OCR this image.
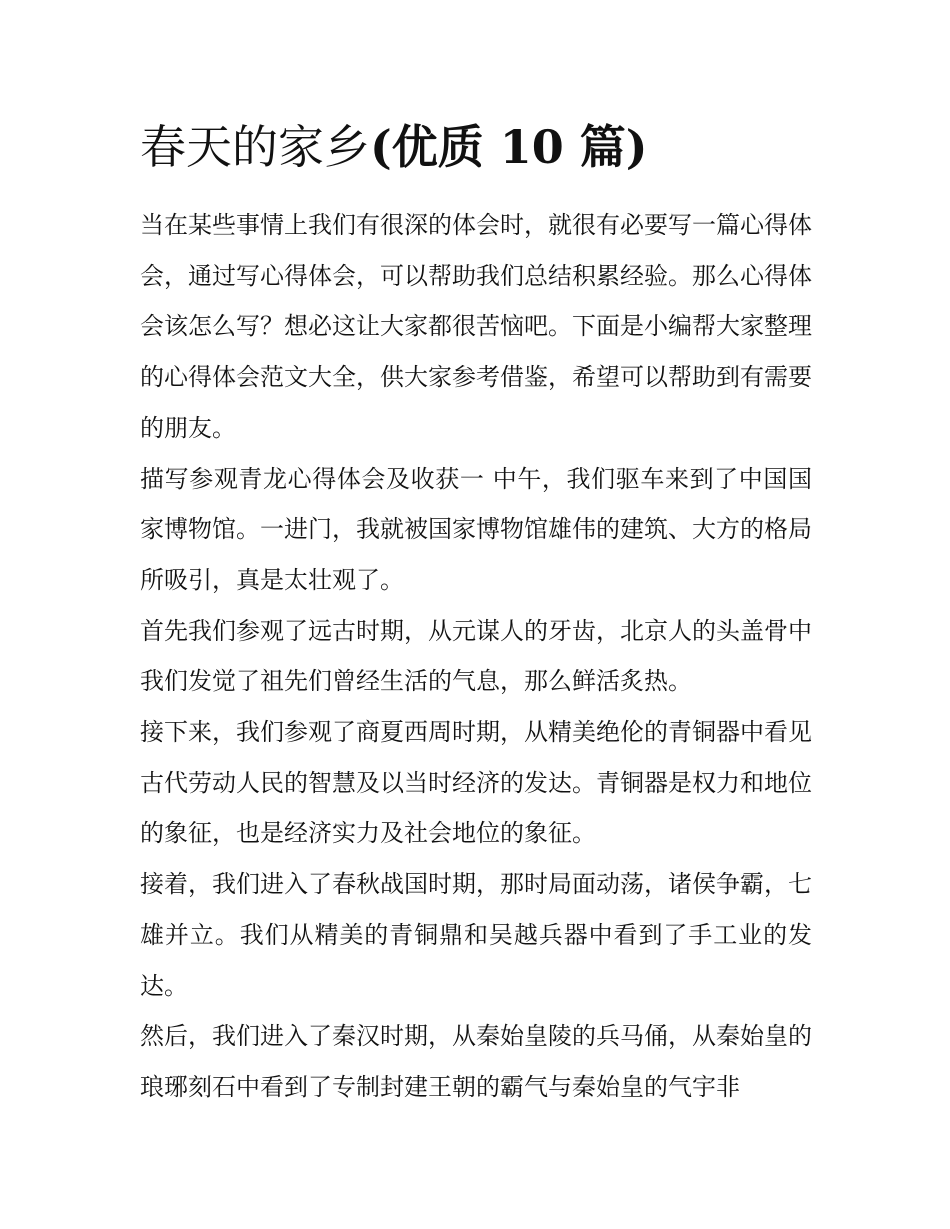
春天的家乡(优质 10 篇)

当在某些事情上我们有很深的体会时，就很有必要写一篇心得体会，通过写心得体会，可以帮助我们总结积累经验。那么心得体会该怎么写？想必这让大家都很苦恼吧。下面是小编帮大家整理的心得体会范文大全，供大家参考借鉴，希望可以帮助到有需要的朋友。

描写参观青龙心得体会及收获一 中午，我们驱车来到了中国国家博物馆。一进门，我就被国家博物馆雄伟的建筑、大方的格局所吸引，真是太壮观了。

首先我们参观了远古时期，从元谋人的牙齿，北京人的头盖骨中我们发觉了祖先们曾经生活的气息，那么鲜活炙热。

接下来，我们参观了商夏西周时期，从精美绝伦的青铜器中看见古代劳动人民的智慧及以当时经济的发达。青铜器是权力和地位的象征，也是经济实力及社会地位的象征。

接着，我们进入了春秋战国时期，那时局面动荡，诸侯争霸，七雄并立。我们从精美的青铜鼎和吴越兵器中看到了手工业的发达。

然后，我们进入了秦汉时期，从秦始皇陵的兵马俑，从秦始皇的琅琊刻石中看到了专制封建王朝的霸气与秦始皇的气宇非
